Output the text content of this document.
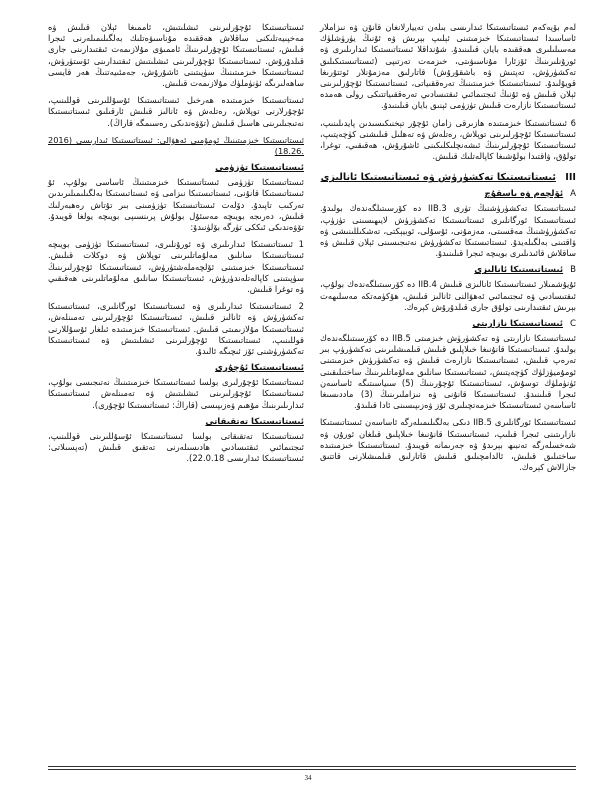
لەم بۆيەكەم ئىستاتىستىكا ئىدارىسى بىلەن تەييارلانغان قانۇن ۋە نىزاملار ئاساسىدا ئىستاتىستىكا خىزمىتىنى ئېلىپ بېرىش ۋە ئۇنىڭ يۈرۈشلۈك مەسىلىلىرى ھەققىدە بايان قىلىنىدۇ. شۇنداقلا ئىستاتىستىكا ئىدارىلىرى ۋە ئورۇنلىرىنىڭ ئۆزئارا مۇناسىۋىتى، خىزمەت تەرتىپى (ئىستاتىستىكىلىق تەكشۈرۈش، تەپتىش ۋە باشقۇرۇش) قاتارلىق مەزمۇنلار ئوتتۇرىغا قويۇلىدۇ. ئىستاتىستىكا خىزمىتىنىڭ تەرەققىياتى، ئىستاتىستىكا ئۇچۇرلىرىنى ئېلان قىلىش ۋە ئۇنىڭ ئىجتىمائىي ئىقتىسادىي تەرەققىياتتىكى رولى ھەمدە ئىستاتىستىكا نازارەت قىلىش تۈزۈمى ئېنىق بايان قىلىنىدۇ.

6 ئىستاتىستىكا خىزمىتىدە ھازىرقى زامان ئۇچۇر تېخنىكىسىدىن پايدىلىنىپ، ئىستاتىستىكا ئۇچۇرلىرىنى توپلاش، رەتلەش ۋە تەھلىل قىلىشنى كۈچەيتىپ، ئىستاتىستىكا ئۇچۇرلىرىنىڭ ئىشەنچلىكلىكىنى ئاشۇرۇش، ھەقىقىي، توغرا، تولۇق، ۋاقتىدا بولۇشىغا كاپالەتلىك قىلىش.

III ئىستاتىستىكا تەكشۈرۈش ۋە ئىستاتىستىكا ئانالىزى
A ئۆلچەم ۋە باسقۇچ

ئىستاتىستىكا تەكشۈرۈشنىڭ تۈرى 3.IIB دە كۆرسىتىلگەندەك بولىدۇ. ئىستاتىستىكا ئورگانلىرى ئىستاتىستىكا تەكشۈرۈش لايىھىسىنى تۈزۈپ، تەكشۈرۈشنىڭ مەقسىتى، مەزمۇنى، ئۇسۇلى، ئوبيېكتى، تەشكىللىنىشى ۋە ۋاقتىنى بەلگىلەيدۇ. ئىستاتىستىكا تەكشۈرۈش نەتىجىسىنى ئېلان قىلىش ۋە ساقلاش قائىدىلىرى بويىچە ئىجرا قىلىنىدۇ.

B ئىستاتىستىكا ئانالىزى

ئۇيۇشمىلار ئىستاتىستىكا ئانالىزى قىلىش 4.IIB دە كۆرسىتىلگەندەك بولۇپ، ئىقتىسادىي ۋە ئىجتىمائىي ئەھۋالنى ئانالىز قىلىش، ھۆكۈمەتكە مەسلىھەت بېرىش ئىقتىدارىنى تولۇق جارى قىلدۇرۇش كېرەك.

C ئىستاتىستىكا نازارىتى

ئىستاتىستىكا نازارىتى ۋە تەكشۈرۈش خىزمىتى 5.IIB دە كۆرسىتىلگەندەك بولىدۇ. ئىستاتىستىكا قانۇنىغا خىلاپلىق قىلىش قىلمىشلىرىنى تەكشۈرۈپ بىر تەرەپ قىلىش، ئىستاتىستىكا نازارەت قىلىش ۋە تەكشۈرۈش خىزمىتىنى ئومۇميۈزلۈك كۈچەيتىش، ئىستاتىستىكا سانلىق مەلۇماتلىرىنىڭ ساختىلىقىنى ئۈنۈملۈك توسۇش، ئىستاتىستىكا ئۇچۇرىنىڭ (5) سىياسىتىگە ئاساسەن ئىجرا قىلىنىدۇ. ئىستاتىستىكا قانۇنى ۋە نىزاملىرىنىڭ (3) ماددىسىغا ئاساسەن ئىستاتىستىكا خىزمەتچىلىرى ئۆز ۋەزىپىسىنى ئادا قىلىدۇ.

ئىستاتىستىكا ئورگانلىرى 5.IIB دىكى بەلگىلىمىلەرگە ئاساسەن ئىستاتىستىكا نازارىتىنى ئىجرا قىلىپ، ئىستاتىستىكا قانۇنىغا خىلاپلىق قىلغان ئورۇن ۋە شەخسلەرگە تەنبىھ بېرىدۇ ۋە جەرىمانە قويىدۇ. ئىستاتىستىكا خىزمىتىدە ساختىلىق قىلىش، ئالدامچىلىق قىلىش قاتارلىق قىلمىشلارنى قاتتىق جازالاش كېرەك.

ئىستاتىستىكا ئۇچۇرلىرىنى ئىشلىتىش، ئاممىغا ئېلان قىلىش ۋە مەخپىيەتلىكنى ساقلاش ھەققىدە مۇناسىۋەتلىك بەلگىلىمىلەرنى ئىجرا قىلىش، ئىستاتىستىكا ئۇچۇرلىرىنىڭ ئاممىۋى مۇلازىمەت ئىقتىدارىنى جارى قىلدۇرۇش. ئىستاتىستىكا ئۇچۇرلىرىنى ئىشلىتىش ئىقتىدارىنى ئۆستۈرۈش، ئىستاتىستىكا خىزمىتىنىڭ سۈپىتىنى ئاشۇرۇش، جەمئىيەتنىڭ ھەر قايسى ساھەلىرىگە ئۈنۈملۈك مۇلازىمەت قىلىش.

ئىستاتىستىكا خىزمىتىدە ھەرخىل ئىستاتىستىكا ئۇسۇللىرىنى قوللىنىپ، ئۇچۇرلارنى توپلاش، رەتلەش ۋە ئانالىز قىلىش ئارقىلىق ئىستاتىستىكا نەتىجىلىرىنى ھاسىل قىلىش (تۆۋەندىكى رەسىمگە قاراڭ).

ئىستاتىستىكا خىزمىتىنىڭ ئومۇمىي ئەھۋالى: ئىستاتىستىكا ئىدارىسى (2016 .18.26)

ئىستاتىستىكا تۈزۈمى

ئىستاتىستىكا تۈزۈمى ئىستاتىستىكا خىزمىتىنىڭ ئاساسى بولۇپ، ئۇ ئىستاتىستىكا قانۇنى، ئىستاتىستىكا نىزامى ۋە ئىستاتىستىكا بەلگىلىمىلىرىدىن تەركىب تاپىدۇ. دۆلەت ئىستاتىستىكا تۈزۈمىنى بىر تۇتاش رەھبەرلىك قىلىش، دەرىجە بويىچە مەسئۇل بولۇش پرىنسىپى بويىچە يولغا قويىدۇ. تۆۋەندىكى ئىككى تۈرگە بۆلۈنىدۇ:

1 ئىستاتىستىكا ئىدارىلىرى ۋە ئورۇنلىرى، ئىستاتىستىكا تۈزۈمى بويىچە ئىستاتىستىكا سانلىق مەلۇماتلىرىنى توپلاش ۋە دوكلات قىلىش. ئىستاتىستىكا خىزمىتىنى ئۆلچەملەشتۈرۈش، ئىستاتىستىكا ئۇچۇرلىرىنىڭ سۈپىتىنى كاپالەتلەندۈرۈش، ئىستاتىستىكا سانلىق مەلۇماتلىرىنى ھەقىقىي ۋە توغرا قىلىش.

2 ئىستاتىستىكا ئىدارىلىرى ۋە ئىستاتىستىكا ئورگانلىرى، ئىستاتىستىكا تەكشۈرۈش ۋە ئانالىز قىلىش، ئىستاتىستىكا ئۇچۇرلىرىنى تەمىنلەش، ئىستاتىستىكا مۇلازىمىتى قىلىش. ئىستاتىستىكا خىزمىتىدە ئىلغار ئۇسۇللارنى قوللىنىپ، ئىستاتىستىكا ئۇچۇرلىرىنى ئىشلىتىش ۋە ئىستاتىستىكا تەكشۈرۈشنى ئۆز ئىچىگە ئالىدۇ.

ئىستاتىستىكا ئۇچۇرى

ئىستاتىستىكا ئۇچۇرلىرى بولسا ئىستاتىستىكا خىزمىتىنىڭ نەتىجىسى بولۇپ، ئىستاتىستىكا ئۇچۇرلىرىنى ئىشلىتىش ۋە تەمىنلەش ئىستاتىستىكا ئىدارىلىرىنىڭ مۇھىم ۋەزىپىسى (قاراڭ: ئىستاتىستىكا ئۇچۇرى).

ئىستاتىستىكا تەتقىقاتى

ئىستاتىستىكا تەتقىقاتى بولسا ئىستاتىستىكا ئۇسۇللىرىنى قوللىنىپ، ئىجتىمائىي ئىقتىسادىي ھادىسىلەرنى تەتقىق قىلىش (تەپسىلاتى: ئىستاتىستىكا ئىدارىسى 22.0.18).

34
